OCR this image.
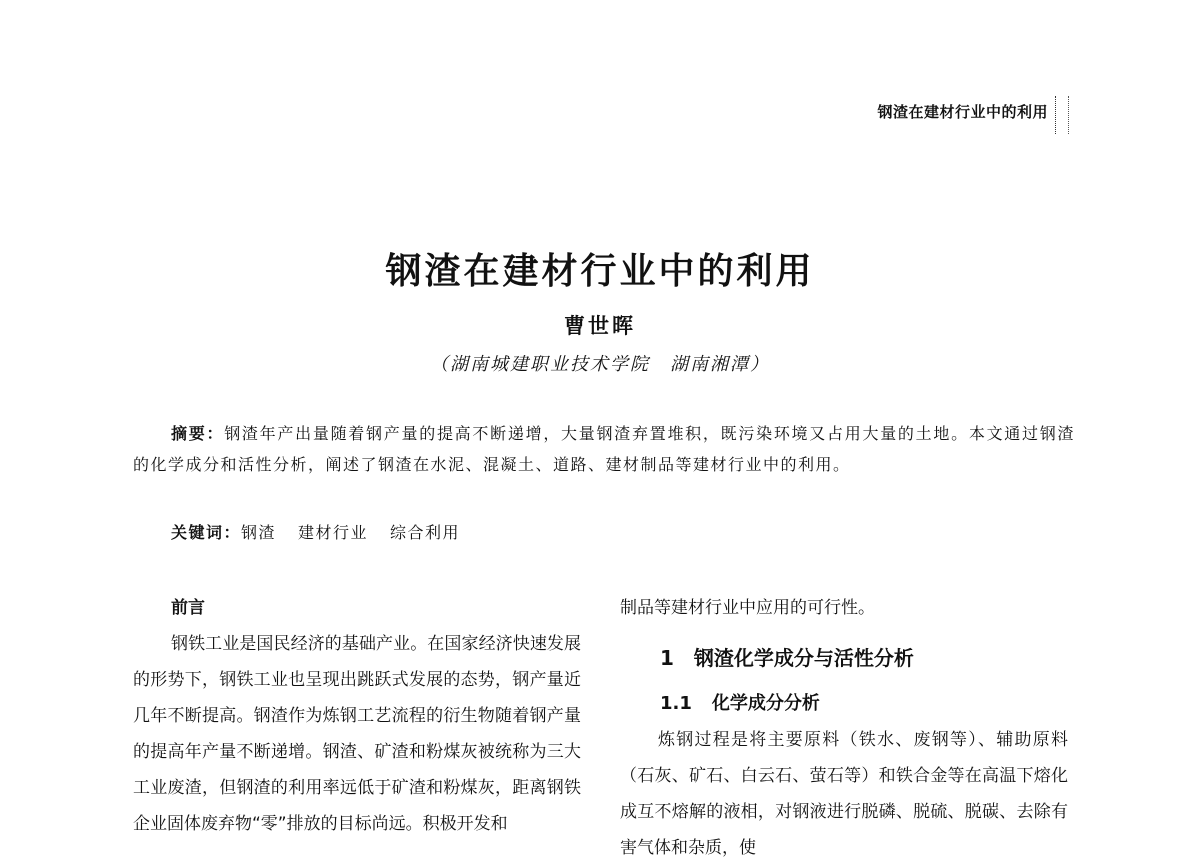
钢渣在建材行业中的利用
钢渣在建材行业中的利用
曹世晖
（湖南城建职业技术学院　湖南湘潭）

摘要：钢渣年产出量随着钢产量的提高不断递增，大量钢渣弃置堆积，既污染环境又占用大量的土地。本文通过钢渣的化学成分和活性分析，阐述了钢渣在水泥、混凝土、道路、建材制品等建材行业中的利用。

关键词：钢渣 建材行业 综合利用

前言

钢铁工业是国民经济的基础产业。在国家经济快速发展的形势下，钢铁工业也呈现出跳跃式发展的态势，钢产量近几年不断提高。钢渣作为炼钢工艺流程的衍生物随着钢产量的提高年产量不断递增。钢渣、矿渣和粉煤灰被统称为三大工业废渣，但钢渣的利用率远低于矿渣和粉煤灰，距离钢铁企业固体废弃物“零”排放的目标尚远。积极开发和

制品等建材行业中应用的可行性。

1 钢渣化学成分与活性分析

1.1 化学成分分析

炼钢过程是将主要原料（铁水、废钢等）、辅助原料（石灰、矿石、白云石、萤石等）和铁合金等在高温下熔化成互不熔解的液相，对钢液进行脱磷、脱硫、脱碳、去除有害气体和杂质，使
